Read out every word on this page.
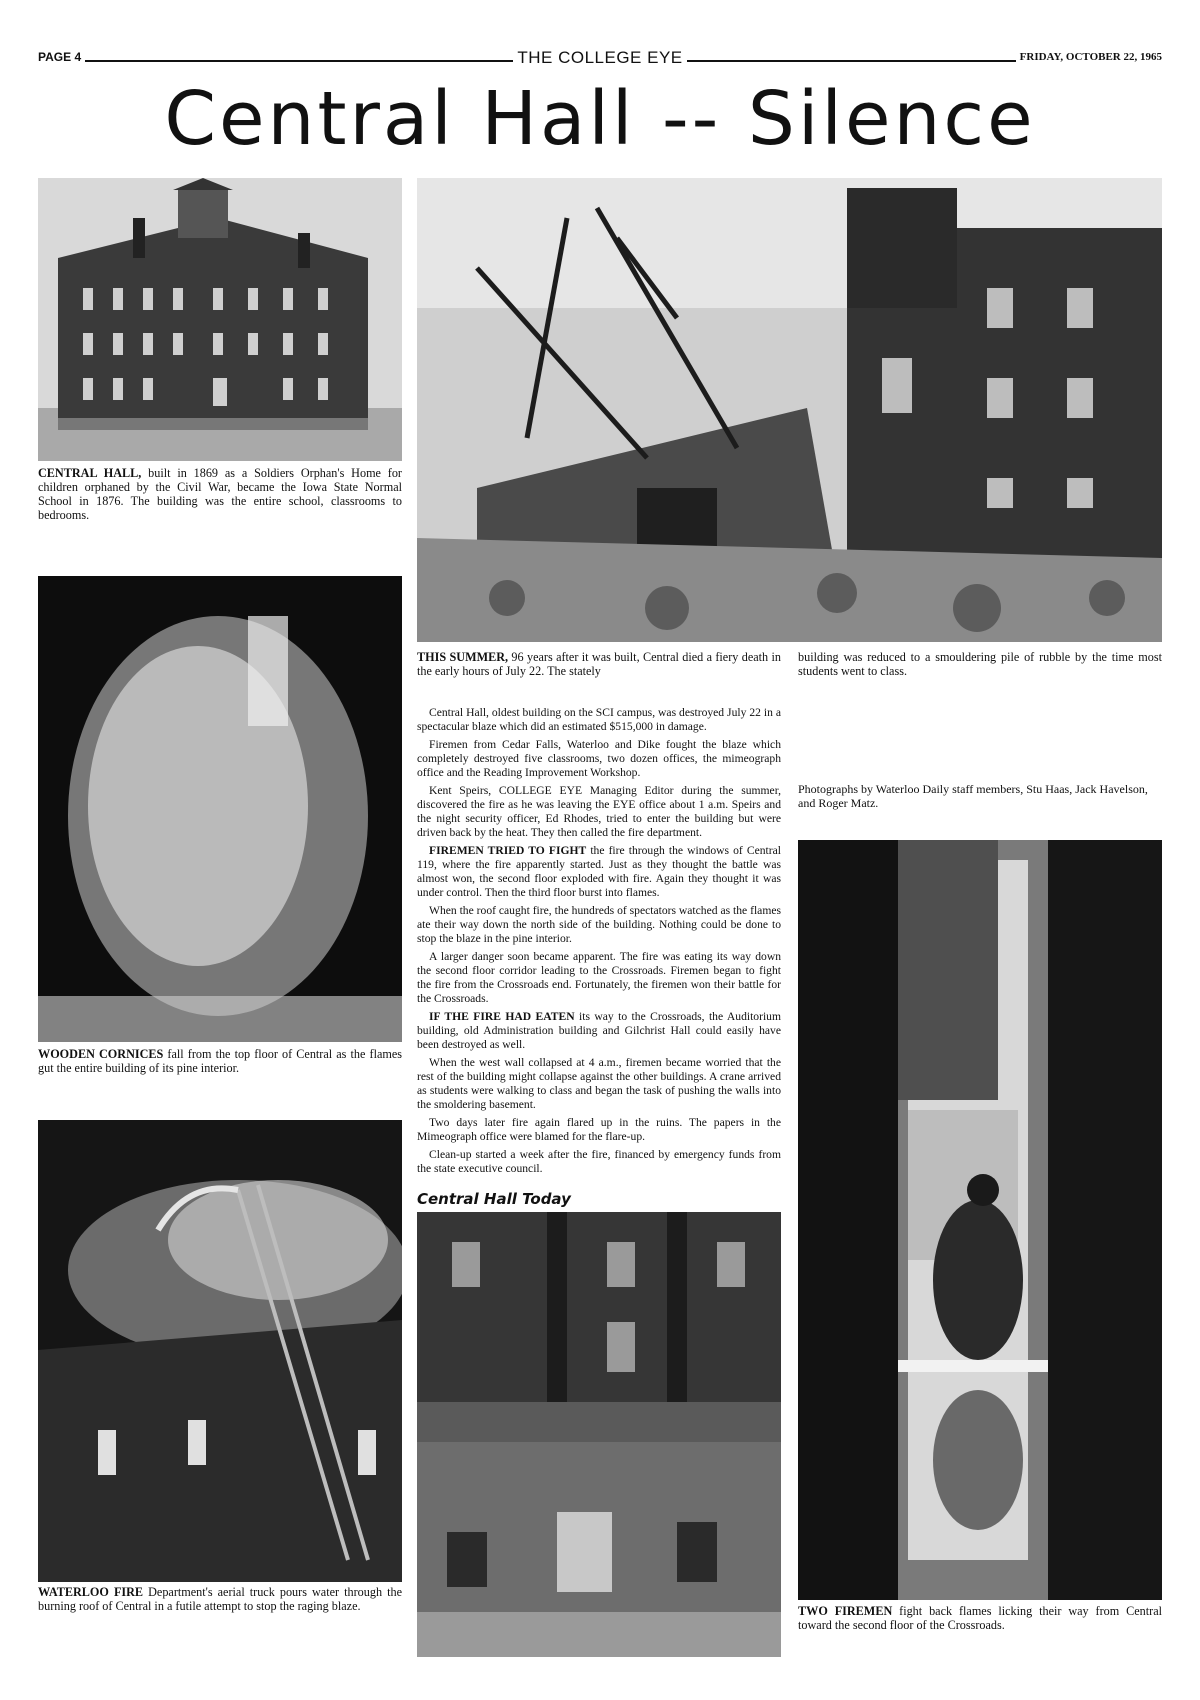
PAGE 4	THE COLLEGE EYE	FRIDAY, OCTOBER 22, 1965
Central Hall -- Silence
CENTRAL HALL, built in 1869 as a Soldiers Orphan's Home for children orphaned by the Civil War, became the Iowa State Normal School in 1876. The building was the entire school, classrooms to bedrooms.
THIS SUMMER, 96 years after it was built, Central died a fiery death in the early hours of July 22. The stately
building was reduced to a smouldering pile of rubble by the time most students went to class.
WOODEN CORNICES fall from the top floor of Central as the flames gut the entire building of its pine interior.
WATERLOO FIRE Department's aerial truck pours water through the burning roof of Central in a futile attempt to stop the raging blaze.

Central Hall, oldest building on the SCI campus, was destroyed July 22 in a spectacular blaze which did an estimated $515,000 in damage.

Firemen from Cedar Falls, Waterloo and Dike fought the blaze which completely destroyed five classrooms, two dozen offices, the mimeograph office and the Reading Improvement Workshop.

Kent Speirs, COLLEGE EYE Managing Editor during the summer, discovered the fire as he was leaving the EYE office about 1 a.m. Speirs and the night security officer, Ed Rhodes, tried to enter the building but were driven back by the heat. They then called the fire department.

FIREMEN TRIED TO FIGHT the fire through the windows of Central 119, where the fire apparently started. Just as they thought the battle was almost won, the second floor exploded with fire. Again they thought it was under control. Then the third floor burst into flames.

When the roof caught fire, the hundreds of spectators watched as the flames ate their way down the north side of the building. Nothing could be done to stop the blaze in the pine interior.

A larger danger soon became apparent. The fire was eating its way down the second floor corridor leading to the Crossroads. Firemen began to fight the fire from the Crossroads end. Fortunately, the firemen won their battle for the Crossroads.

IF THE FIRE HAD EATEN its way to the Crossroads, the Auditorium building, old Administration building and Gilchrist Hall could easily have been destroyed as well.

When the west wall collapsed at 4 a.m., firemen became worried that the rest of the building might collapse against the other buildings. A crane arrived as students were walking to class and began the task of pushing the walls into the smoldering basement.

Two days later fire again flared up in the ruins. The papers in the Mimeograph office were blamed for the flare-up.

Clean-up started a week after the fire, financed by emergency funds from the state executive council.

Central Hall Today
Photographs by Waterloo Daily staff members, Stu Haas, Jack Havelson, and Roger Matz.
TWO FIREMEN fight back flames licking their way from Central toward the second floor of the Crossroads.
